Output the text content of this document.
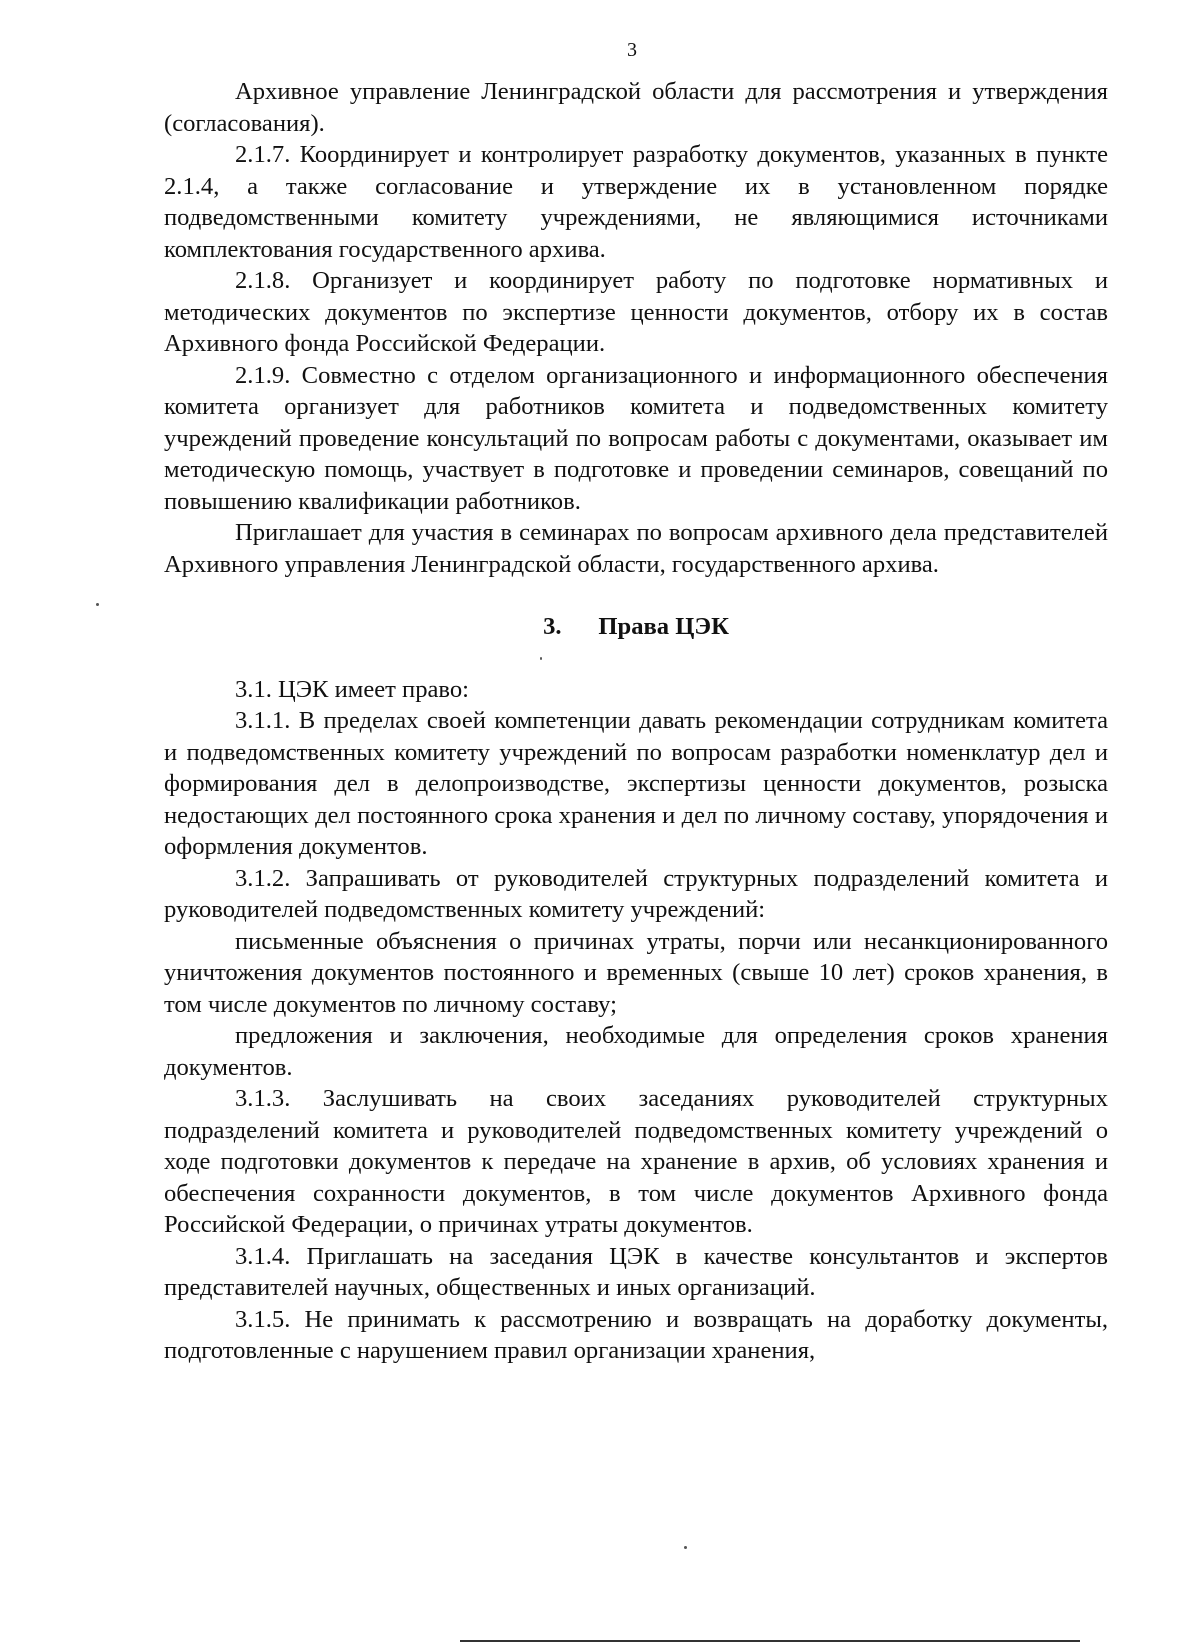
3

Архивное управление Ленинградской области для рассмотрения и утверждения (согласования).

2.1.7. Координирует и контролирует разработку документов, указанных в пункте 2.1.4, а также согласование и утверждение их в установленном порядке подведомственными комитету учреждениями, не являющимися источниками комплектования государственного архива.

2.1.8. Организует и координирует работу по подготовке нормативных и методических документов по экспертизе ценности документов, отбору их в состав Архивного фонда Российской Федерации.

2.1.9. Совместно с отделом организационного и информационного обеспечения комитета организует для работников комитета и подведомственных комитету учреждений проведение консультаций по вопросам работы с документами, оказывает им методическую помощь, участвует в подготовке и проведении семинаров, совещаний по повышению квалификации работников.

Приглашает для участия в семинарах по вопросам архивного дела представителей Архивного управления Ленинградской области, государственного архива.

3. Права ЦЭК

3.1. ЦЭК имеет право:

3.1.1. В пределах своей компетенции давать рекомендации сотрудникам комитета и подведомственных комитету учреждений по вопросам разработки номенклатур дел и формирования дел в делопроизводстве, экспертизы ценности документов, розыска недостающих дел постоянного срока хранения и дел по личному составу, упорядочения и оформления документов.

3.1.2. Запрашивать от руководителей структурных подразделений комитета и руководителей подведомственных комитету учреждений:

письменные объяснения о причинах утраты, порчи или несанкционированного уничтожения документов постоянного и временных (свыше 10 лет) сроков хранения, в том числе документов по личному составу;

предложения и заключения, необходимые для определения сроков хранения документов.

3.1.3. Заслушивать на своих заседаниях руководителей структурных подразделений комитета и руководителей подведомственных комитету учреждений о ходе подготовки документов к передаче на хранение в архив, об условиях хранения и обеспечения сохранности документов, в том числе документов Архивного фонда Российской Федерации, о причинах утраты документов.

3.1.4. Приглашать на заседания ЦЭК в качестве консультантов и экспертов представителей научных, общественных и иных организаций.

3.1.5. Не принимать к рассмотрению и возвращать на доработку документы, подготовленные с нарушением правил организации хранения,
